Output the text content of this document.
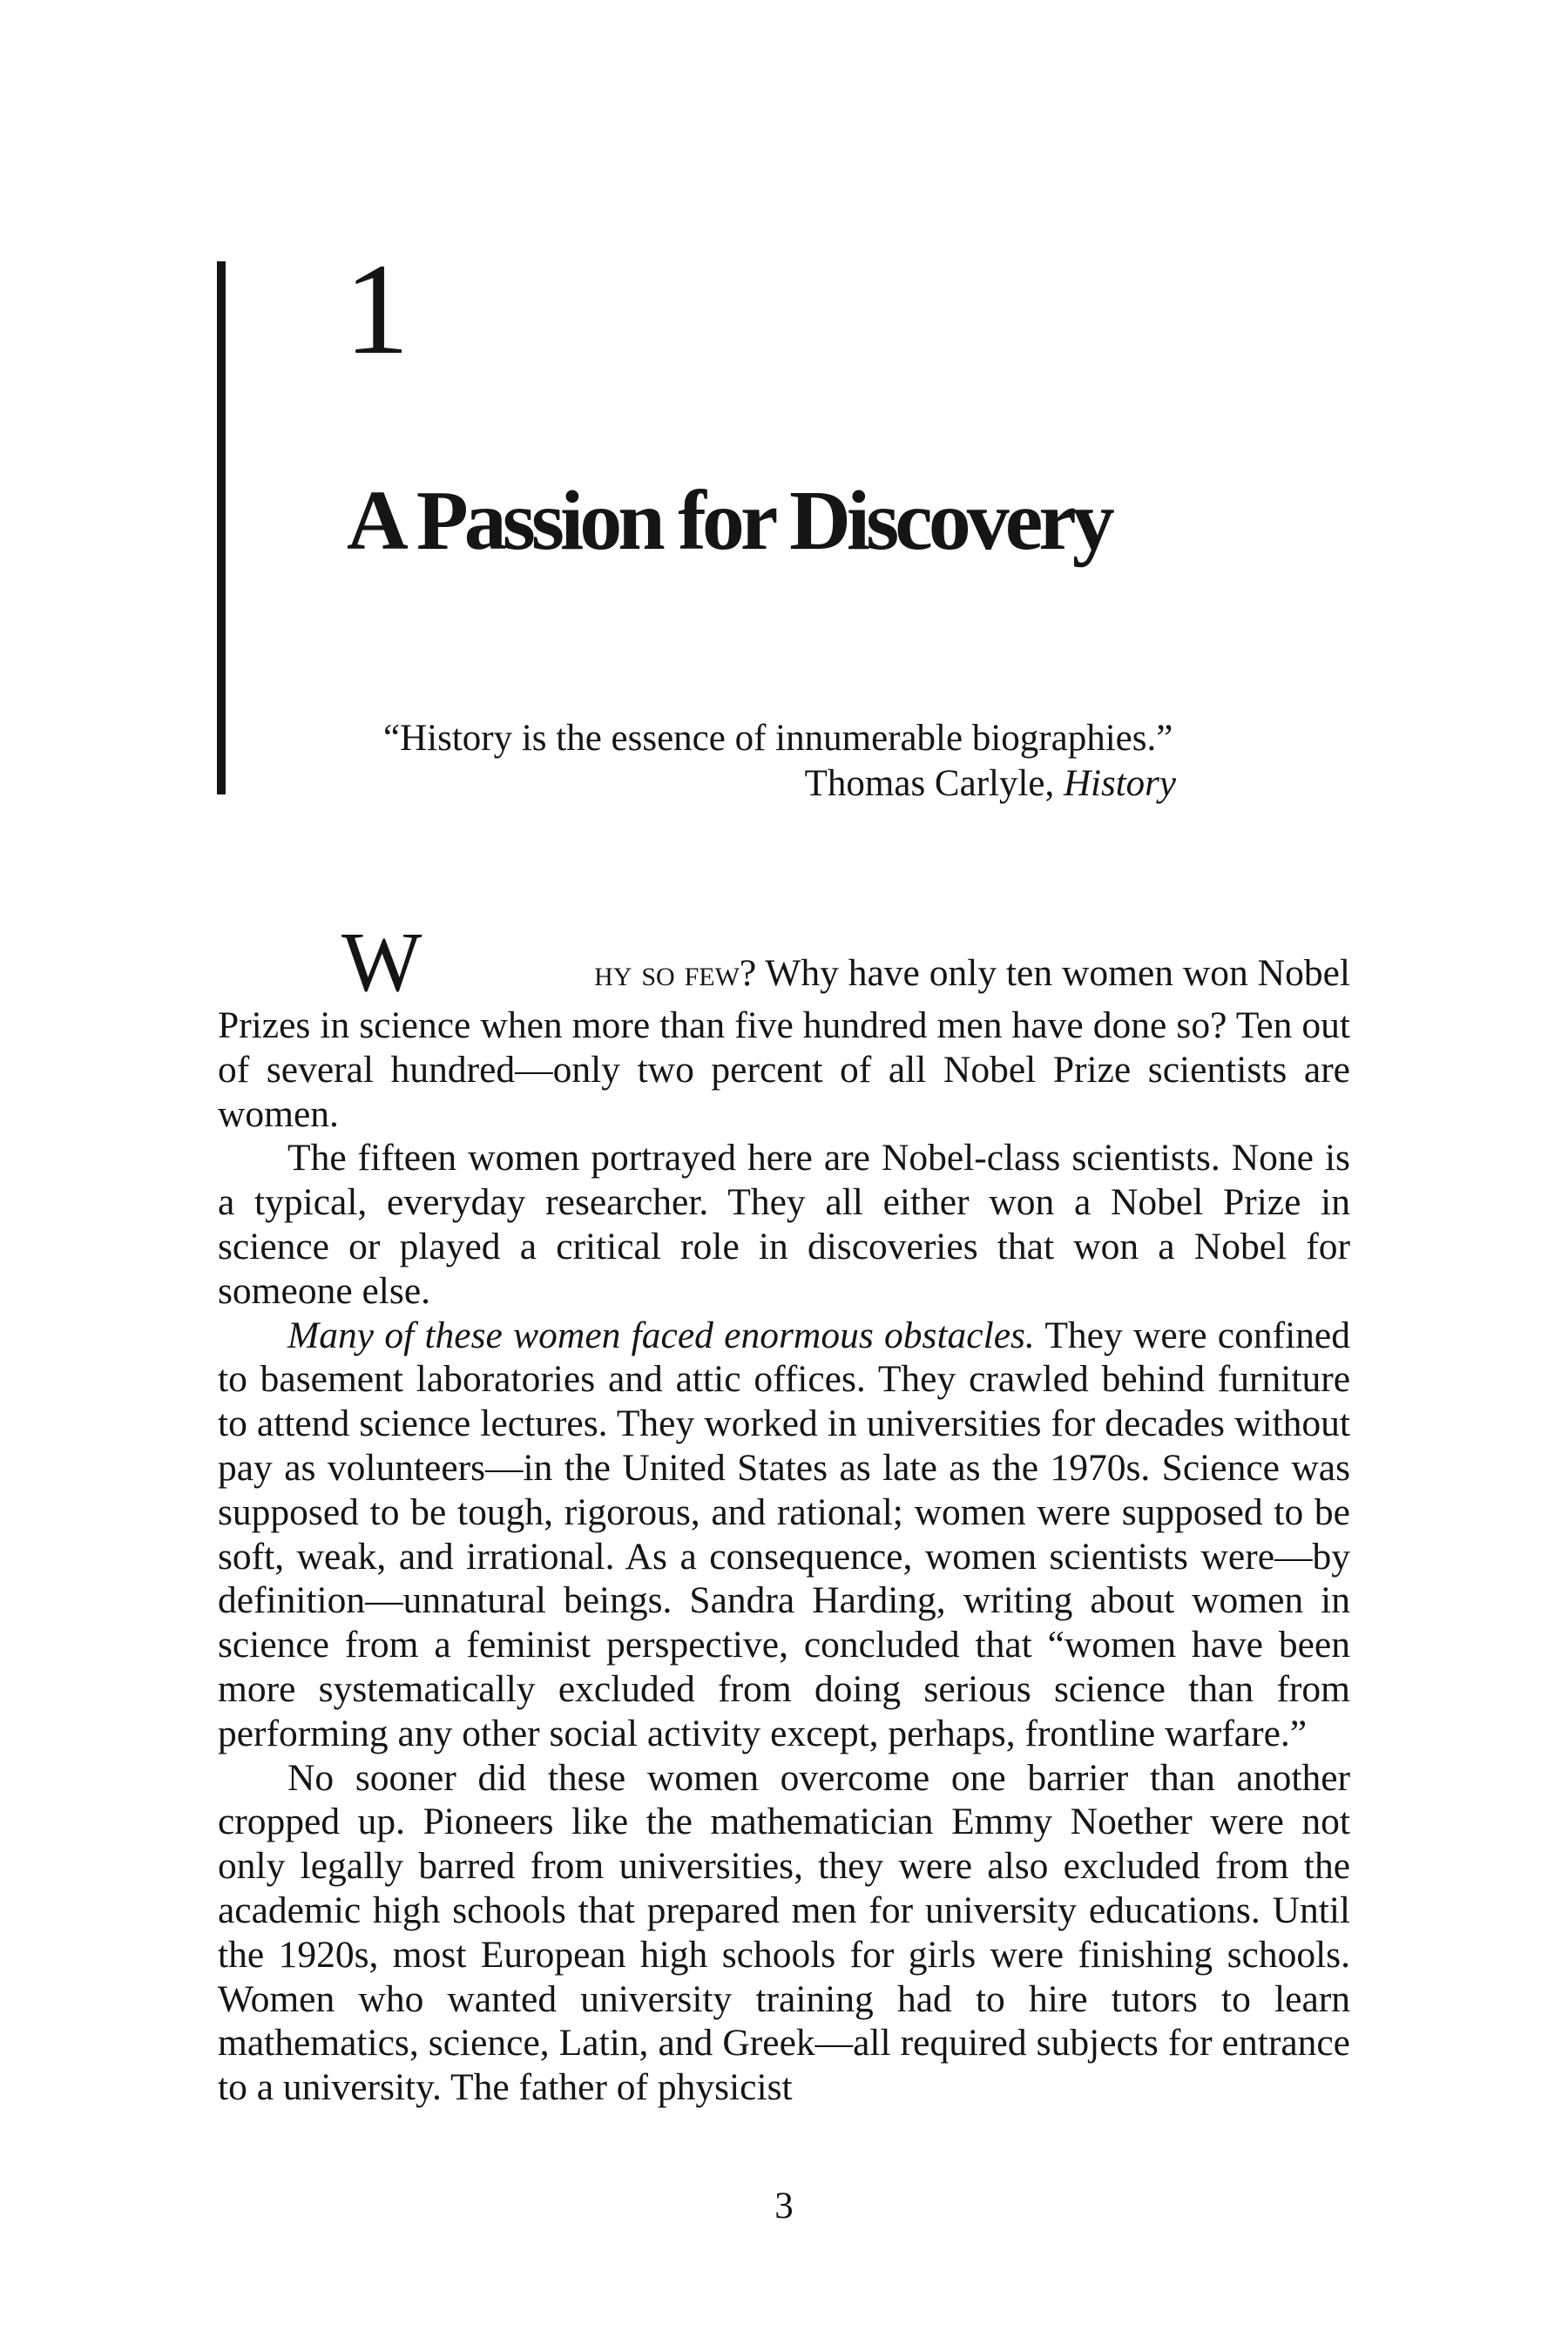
1
A Passion for Discovery
“History is the essence of innumerable biographies.”
Thomas Carlyle, History

W	hy so few? Why have only ten women won Nobel
Prizes in science when more than five hundred men have done so? Ten out of several hundred—only two percent of all Nobel Prize scientists are women.

The fifteen women portrayed here are Nobel-class scientists. None is a typical, everyday researcher. They all either won a Nobel Prize in science or played a critical role in discoveries that won a Nobel for someone else.

Many of these women faced enormous obstacles. They were confined to basement laboratories and attic offices. They crawled behind furniture to attend science lectures. They worked in universities for decades without pay as volunteers—in the United States as late as the 1970s. Science was supposed to be tough, rigorous, and rational; women were supposed to be soft, weak, and irrational. As a consequence, women scientists were—by definition—unnatural beings. Sandra Harding, writing about women in science from a feminist perspective, concluded that “women have been more systematically excluded from doing serious science than from performing any other social activity except, perhaps, frontline warfare.”

No sooner did these women overcome one barrier than another cropped up. Pioneers like the mathematician Emmy Noether were not only legally barred from universities, they were also excluded from the academic high schools that prepared men for university educations. Until the 1920s, most European high schools for girls were finishing schools. Women who wanted university training had to hire tutors to learn mathematics, science, Latin, and Greek—all required subjects for entrance to a university. The father of physicist

3
